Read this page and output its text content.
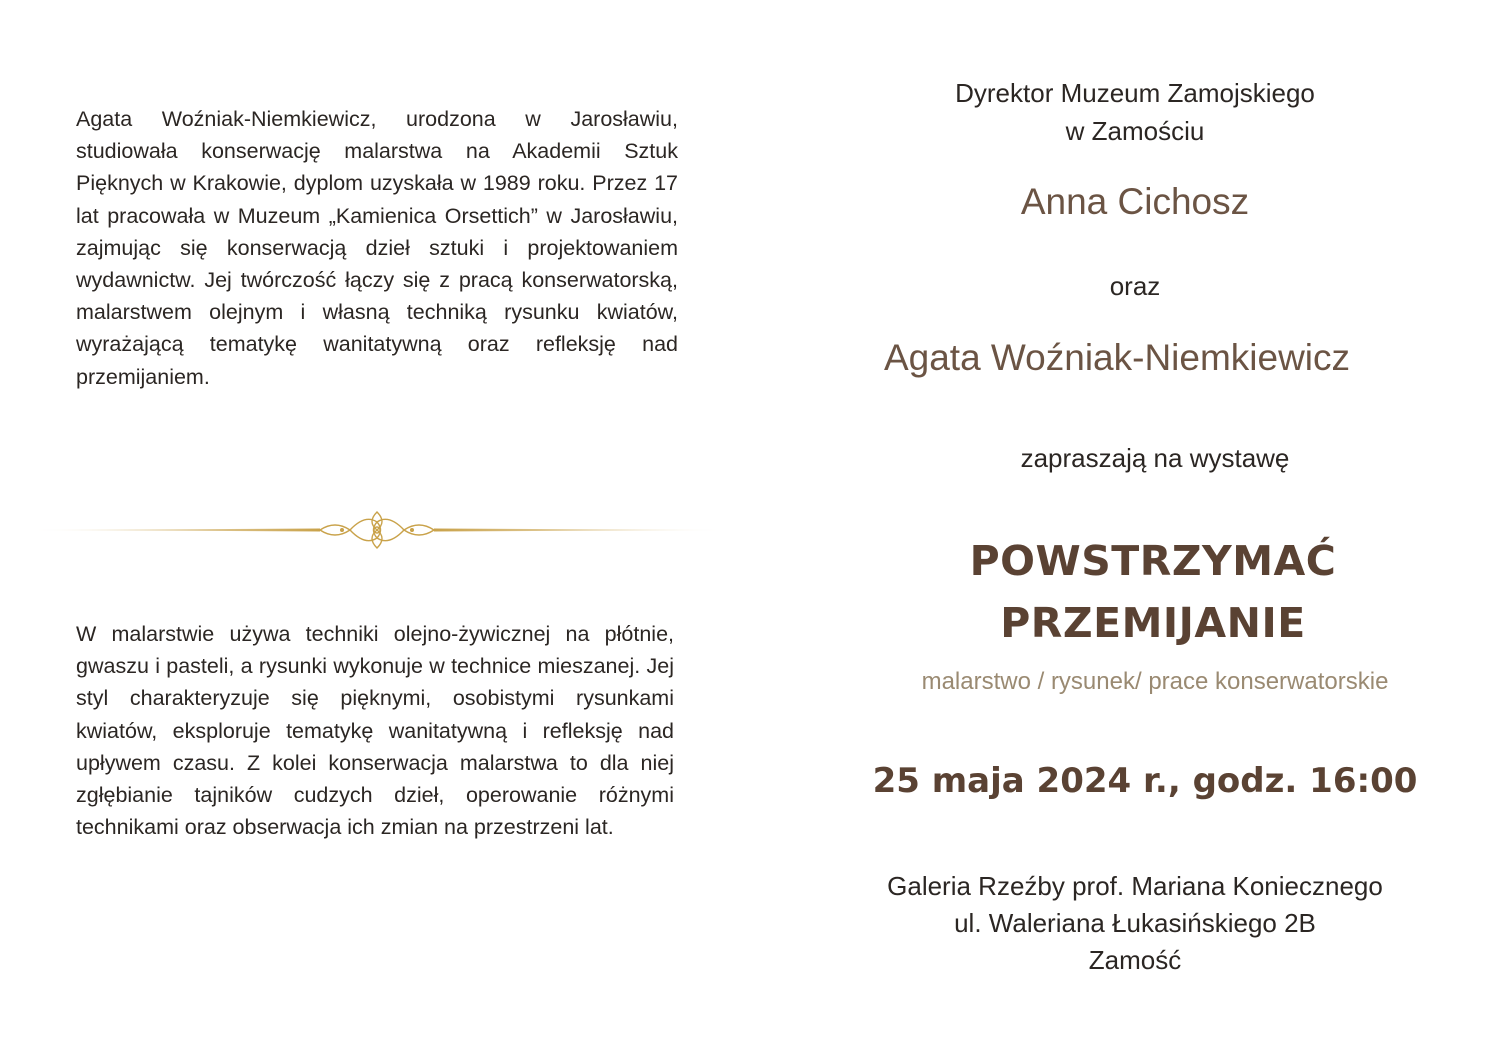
Agata Woźniak-Niemkiewicz, urodzona w Jarosławiu, studiowała konserwację malarstwa na Akademii Sztuk Pięknych w Krakowie, dyplom uzyskała w 1989 roku. Przez 17 lat pracowała w Muzeum „Kamienica Orsettich” w Jarosławiu, zajmując się konserwacją dzieł sztuki i projektowaniem wydawnictw. Jej twórczość łączy się z pracą konserwatorską, malarstwem olejnym i własną techniką rysunku kwiatów, wyrażającą tematykę wanitatywną oraz refleksję nad przemijaniem.

W malarstwie używa techniki olejno-żywicznej na płótnie, gwaszu i pasteli, a rysunki wykonuje w technice mieszanej. Jej styl charakteryzuje się pięknymi, osobistymi rysunkami kwiatów, eksploruje tematykę wanitatywną i refleksję nad upływem czasu. Z kolei konserwacja malarstwa to dla niej zgłębianie tajników cudzych dzieł, operowanie różnymi technikami oraz obserwacja ich zmian na przestrzeni lat.

Dyrektor Muzeum Zamojskiego
w Zamościu
Anna Cichosz
oraz
Agata Woźniak-Niemkiewicz
zapraszają na wystawę
POWSTRZYMAĆ
PRZEMIJANIE
malarstwo / rysunek/ prace konserwatorskie
25 maja 2024 r., godz. 16:00
Galeria Rzeźby prof. Mariana Koniecznego
ul. Waleriana Łukasińskiego 2B
Zamość
